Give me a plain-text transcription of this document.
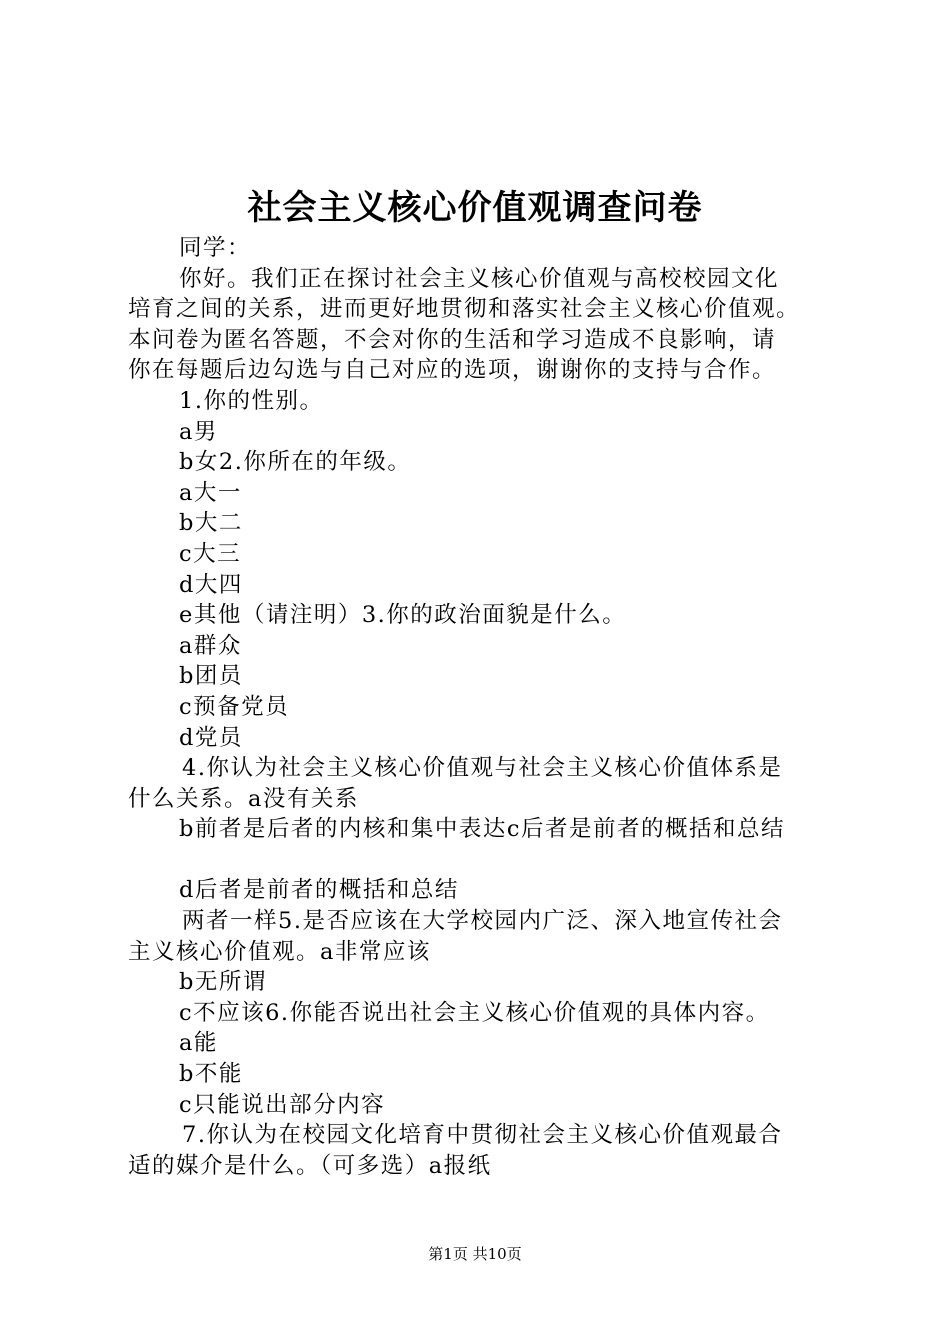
社会主义核心价值观调查问卷
同学：
你好。我们正在探讨社会主义核心价值观与高校校园文化
培育之间的关系，进而更好地贯彻和落实社会主义核心价值观。
本问卷为匿名答题，不会对你的生活和学习造成不良影响，请
你在每题后边勾选与自己对应的选项，谢谢你的支持与合作。
1.你的性别。
a男
b女2.你所在的年级。
a大一
b大二
c大三
d大四
e其他（请注明）3.你的政治面貌是什么。
a群众
b团员
c预备党员
d党员
4.你认为社会主义核心价值观与社会主义核心价值体系是
什么关系。a没有关系
b前者是后者的内核和集中表达c后者是前者的概括和总结
d后者是前者的概括和总结
两者一样5.是否应该在大学校园内广泛、深入地宣传社会
主义核心价值观。a非常应该
b无所谓
c不应该6.你能否说出社会主义核心价值观的具体内容。
a能
b不能
c只能说出部分内容
7.你认为在校园文化培育中贯彻社会主义核心价值观最合
适的媒介是什么。（可多选）a报纸
第1页 共10页
